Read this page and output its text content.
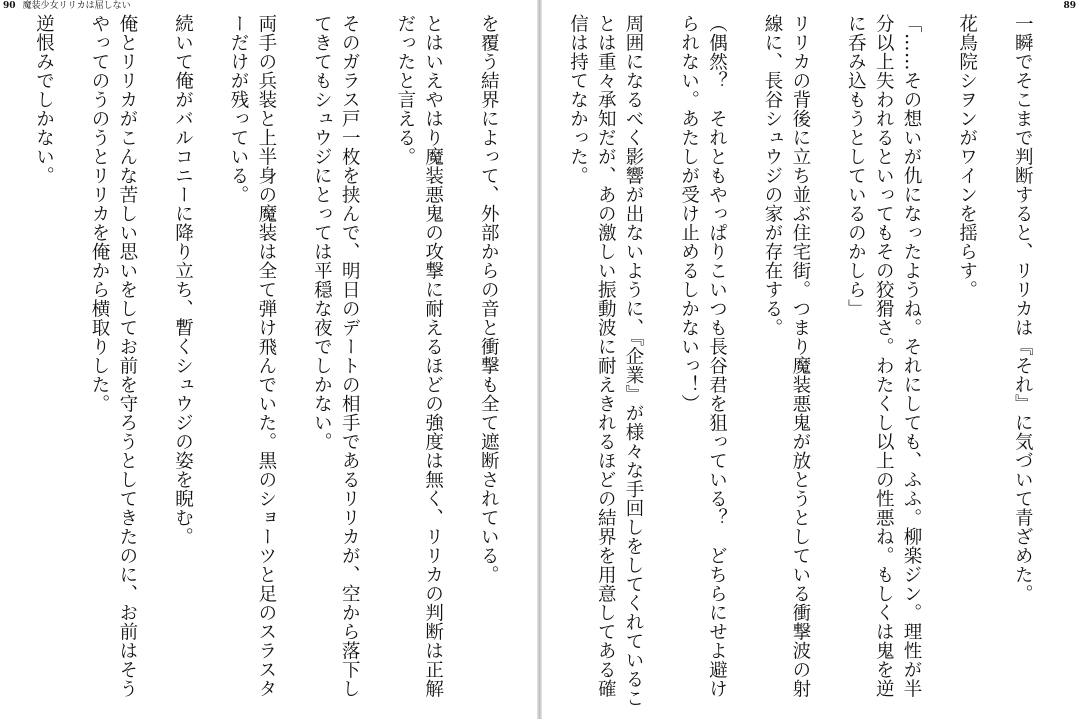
90 魔装少女リリカは屈しない

を覆う結界によって、外部からの音と衝撃も全て遮断されている。

とはいえやはり魔装悪鬼の攻撃に耐えるほどの強度は無く、リリカの判断は正解だったと言える。

そのガラス戸一枚を挟んで、明日のデートの相手であるリリカが、空から落下してきてもシュウジにとっては平穏な夜でしかない。

両手の兵装と上半身の魔装は全て弾け飛んでいた。黒のショーツと足のスラスターだけが残っている。

続いて俺がバルコニーに降り立ち、暫くシュウジの姿を睨む。

俺とリリカがこんな苦しい思いをしてお前を守ろうとしてきたのに、お前はそうやってのうのうとリリカを俺から横取りした。

逆恨みでしかない。

89

一瞬でそこまで判断すると、リリカは『それ』に気づいて青ざめた。

花鳥院シヲンがワインを揺らす。

「……その想いが仇になったようね。それにしても、ふふ。柳楽ジン。理性が半分以上失われるといってもその狡猾さ。わたくし以上の性悪ね。もしくは鬼を逆に呑み込もうとしているのかしら」

リリカの背後に立ち並ぶ住宅街。つまり魔装悪鬼が放とうとしている衝撃波の射線に、長谷シュウジの家が存在する。

（偶然？　それともやっぱりこいつも長谷君を狙っている？　どちらにせよ避けられない。あたしが受け止めるしかないっ！）

周囲になるべく影響が出ないように、『企業』が様々な手回しをしてくれていることは重々承知だが、あの激しい振動波に耐えきれるほどの結界を用意してある確信は持てなかった。
